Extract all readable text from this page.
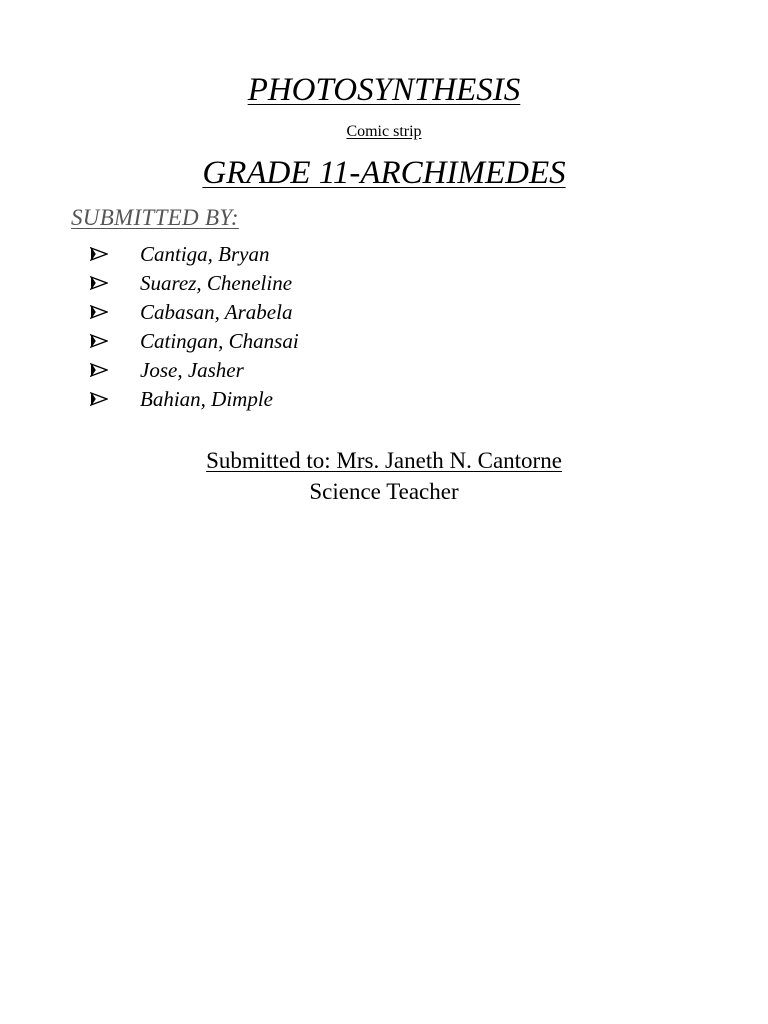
PHOTOSYNTHESIS
Comic strip
GRADE 11-ARCHIMEDES
SUBMITTED BY:
Cantiga, Bryan
Suarez, Cheneline
Cabasan, Arabela
Catingan, Chansai
Jose, Jasher
Bahian, Dimple
Submitted to: Mrs. Janeth N. Cantorne
Science Teacher
